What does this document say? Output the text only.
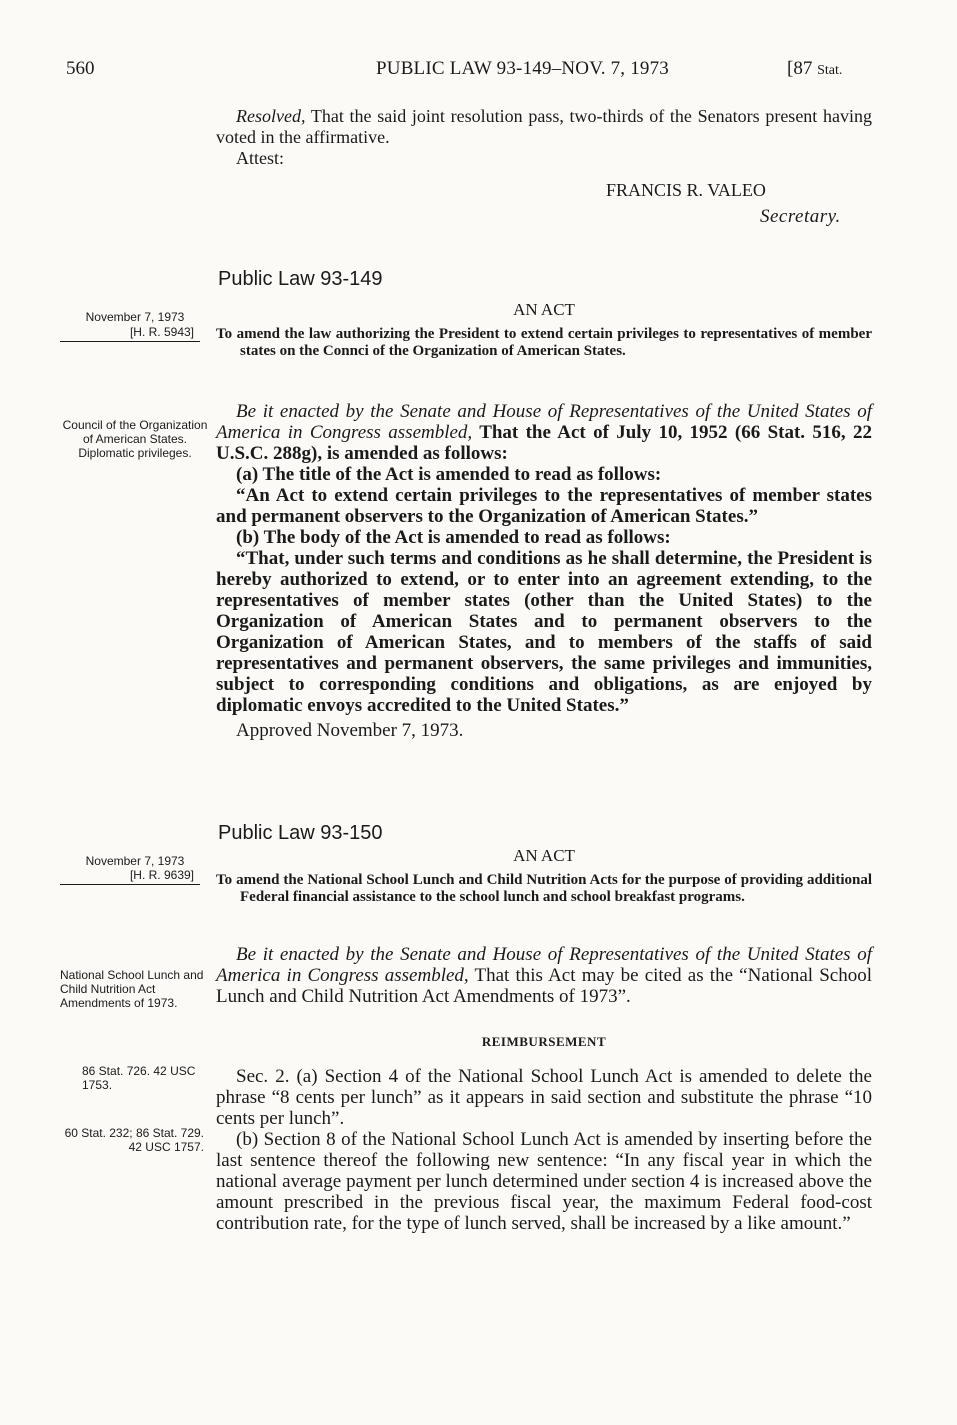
560	PUBLIC LAW 93-149–NOV. 7, 1973	[87 Stat.

Resolved, That the said joint resolution pass, two-thirds of the Senators present having voted in the affirmative.

Attest:

FRANCIS R. VALEO
Secretary.
Public Law 93-149
November 7, 1973
[H. R. 5943]
AN ACT
To amend the law authorizing the President to extend certain privileges to representatives of member states on the Connci of the Organization of American States.
Council of the Organization of American States. Diplomatic privileges.

Be it enacted by the Senate and House of Representatives of the United States of America in Congress assembled, That the Act of July 10, 1952 (66 Stat. 516, 22 U.S.C. 288g), is amended as follows:

(a) The title of the Act is amended to read as follows:

“An Act to extend certain privileges to the representatives of member states and permanent observers to the Organization of American States.”

(b) The body of the Act is amended to read as follows:

“That, under such terms and conditions as he shall determine, the President is hereby authorized to extend, or to enter into an agreement extending, to the representatives of member states (other than the United States) to the Organization of American States and to permanent observers to the Organization of American States, and to members of the staffs of said representatives and permanent observers, the same privileges and immunities, subject to corresponding conditions and obligations, as are enjoyed by diplomatic envoys accredited to the United States.”

Approved November 7, 1973.

Public Law 93-150
November 7, 1973
[H. R. 9639]
AN ACT
To amend the National School Lunch and Child Nutrition Acts for the purpose of providing additional Federal financial assistance to the school lunch and school breakfast programs.
National School Lunch and Child Nutrition Act Amendments of 1973.

Be it enacted by the Senate and House of Representatives of the United States of America in Congress assembled, That this Act may be cited as the “National School Lunch and Child Nutrition Act Amendments of 1973”.

REIMBURSEMENT
86 Stat. 726. 42 USC 1753.
60 Stat. 232; 86 Stat. 729. 42 USC 1757.

Sec. 2. (a) Section 4 of the National School Lunch Act is amended to delete the phrase “8 cents per lunch” as it appears in said section and substitute the phrase “10 cents per lunch”.

(b) Section 8 of the National School Lunch Act is amended by inserting before the last sentence thereof the following new sentence: “In any fiscal year in which the national average payment per lunch determined under section 4 is increased above the amount prescribed in the previous fiscal year, the maximum Federal food-cost contribution rate, for the type of lunch served, shall be increased by a like amount.”
